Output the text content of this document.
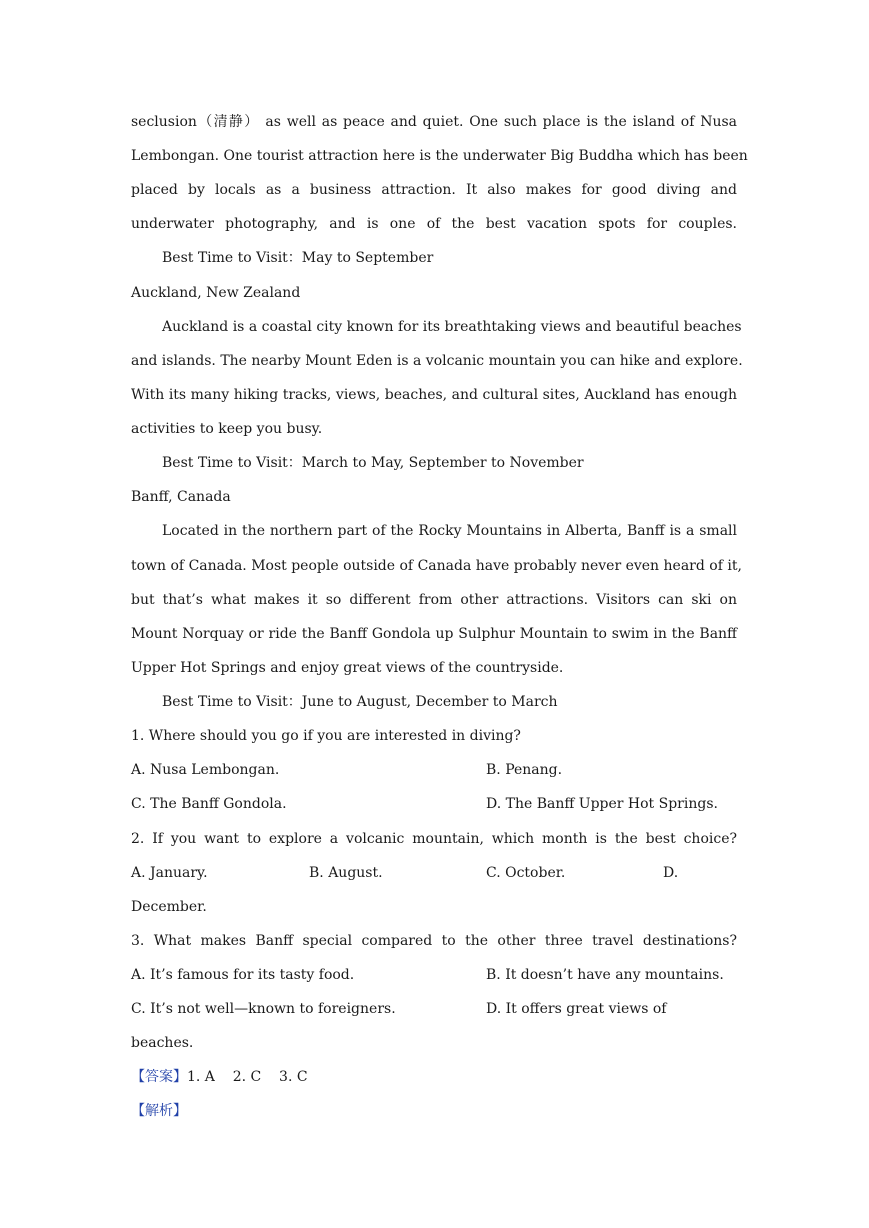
seclusion（清静） as well as peace and quiet. One such place is the island of Nusa
Lembongan. One tourist attraction here is the underwater Big Buddha which has been
placed by locals as a business attraction. It also makes for good diving and
underwater photography, and is one of the best vacation spots for couples.
Best Time to Visit：May to September
Auckland, New Zealand
Auckland is a coastal city known for its breathtaking views and beautiful beaches
and islands. The nearby Mount Eden is a volcanic mountain you can hike and explore.
With its many hiking tracks, views, beaches, and cultural sites, Auckland has enough
activities to keep you busy.
Best Time to Visit：March to May, September to November
Banff, Canada
Located in the northern part of the Rocky Mountains in Alberta, Banff is a small
town of Canada. Most people outside of Canada have probably never even heard of it,
but that’s what makes it so different from other attractions. Visitors can ski on
Mount Norquay or ride the Banff Gondola up Sulphur Mountain to swim in the Banff
Upper Hot Springs and enjoy great views of the countryside.
Best Time to Visit：June to August, December to March
1. Where should you go if you are interested in diving?
A. Nusa Lembongan.	B. Penang.
C. The Banff Gondola.	D. The Banff Upper Hot Springs.
2. If you want to explore a volcanic mountain, which month is the best choice?
A. January.	B. August.	C. October.	D.
December.
3. What makes Banff special compared to the other three travel destinations?
A. It’s famous for its tasty food.	B. It doesn’t have any mountains.
C. It’s not well—known to foreigners.	D. It offers great views of
beaches.
【答案】1. A    2. C    3. C
【解析】
